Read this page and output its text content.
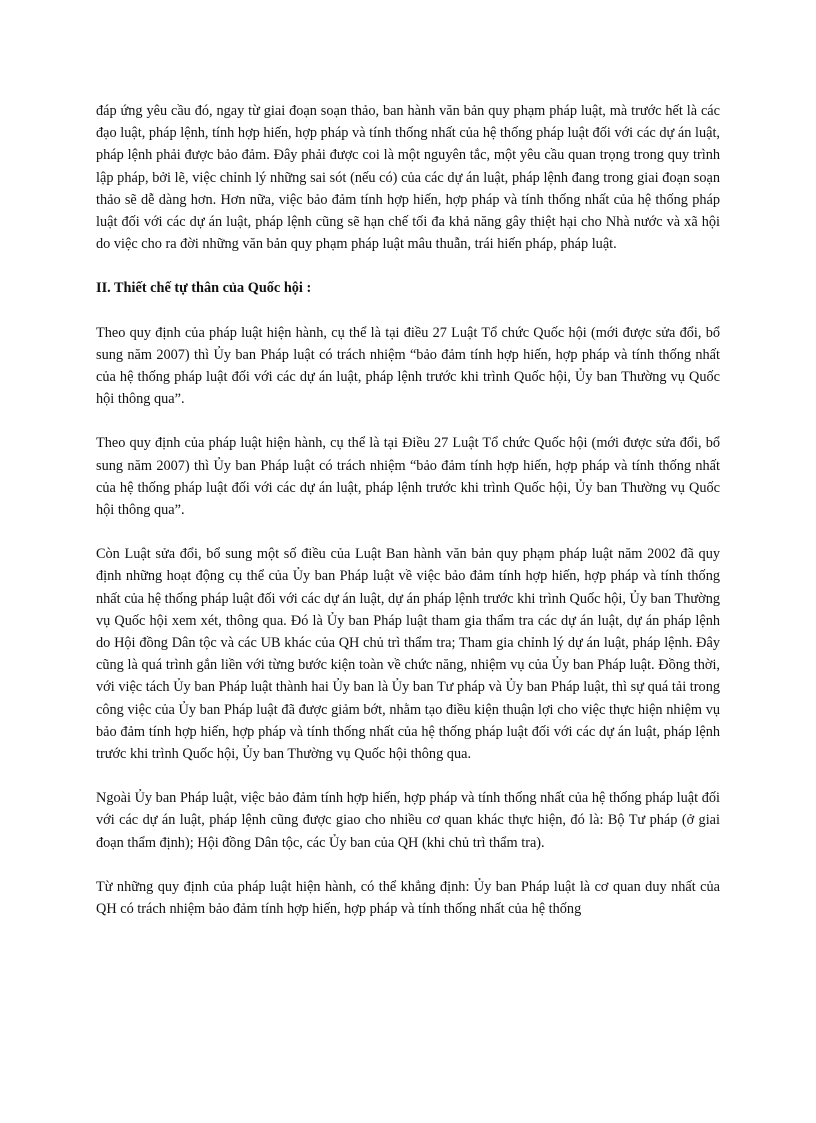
đáp ứng yêu cầu đó, ngay từ giai đoạn soạn thảo, ban hành văn bản quy phạm pháp luật, mà trước hết là các đạo luật, pháp lệnh, tính hợp hiến, hợp pháp và tính thống nhất của hệ thống pháp luật đối với các dự án luật, pháp lệnh phải được bảo đảm. Đây phải được coi là một nguyên tắc, một yêu cầu quan trọng trong quy trình lập pháp, bởi lẽ, việc chỉnh lý những sai sót (nếu có) của các dự án luật, pháp lệnh đang trong giai đoạn soạn thảo sẽ dễ dàng hơn. Hơn nữa, việc bảo đảm tính hợp hiến, hợp pháp và tính thống nhất của hệ thống pháp luật đối với các dự án luật, pháp lệnh cũng sẽ hạn chế tối đa khả năng gây thiệt hại cho Nhà nước và xã hội do việc cho ra đời những văn bản quy phạm pháp luật mâu thuẫn, trái hiến pháp, pháp luật.

II. Thiết chế tự thân của Quốc hội :

Theo quy định của pháp luật hiện hành, cụ thể là tại điều 27 Luật Tổ chức Quốc hội (mới được sửa đổi, bổ sung năm 2007) thì Ủy ban Pháp luật có trách nhiệm “bảo đảm tính hợp hiến, hợp pháp và tính thống nhất của hệ thống pháp luật đối với các dự án luật, pháp lệnh trước khi trình Quốc hội, Ủy ban Thường vụ Quốc hội thông qua”.

Theo quy định của pháp luật hiện hành, cụ thể là tại Điều 27 Luật Tổ chức Quốc hội (mới được sửa đổi, bổ sung năm 2007) thì Ủy ban Pháp luật có trách nhiệm “bảo đảm tính hợp hiến, hợp pháp và tính thống nhất của hệ thống pháp luật đối với các dự án luật, pháp lệnh trước khi trình Quốc hội, Ủy ban Thường vụ Quốc hội thông qua”.

Còn Luật sửa đổi, bổ sung một số điều của Luật Ban hành văn bản quy phạm pháp luật năm 2002 đã quy định những hoạt động cụ thể của Ủy ban Pháp luật về việc bảo đảm tính hợp hiến, hợp pháp và tính thống nhất của hệ thống pháp luật đối với các dự án luật, dự án pháp lệnh trước khi trình Quốc hội, Ủy ban Thường vụ Quốc hội xem xét, thông qua. Đó là Ủy ban Pháp luật tham gia thẩm tra các dự án luật, dự án pháp lệnh do Hội đồng Dân tộc và các UB khác của QH chủ trì thẩm tra; Tham gia chỉnh lý dự án luật, pháp lệnh. Đây cũng là quá trình gắn liền với từng bước kiện toàn về chức năng, nhiệm vụ của Ủy ban Pháp luật. Đồng thời, với việc tách Ủy ban Pháp luật thành hai Ủy ban là Ủy ban Tư pháp và Ủy ban Pháp luật, thì sự quá tải trong công việc của Ủy ban Pháp luật đã được giảm bớt, nhằm tạo điều kiện thuận lợi cho việc thực hiện nhiệm vụ bảo đảm tính hợp hiến, hợp pháp và tính thống nhất của hệ thống pháp luật đối với các dự án luật, pháp lệnh trước khi trình Quốc hội, Ủy ban Thường vụ Quốc hội thông qua.

Ngoài Ủy ban Pháp luật, việc bảo đảm tính hợp hiến, hợp pháp và tính thống nhất của hệ thống pháp luật đối với các dự án luật, pháp lệnh cũng được giao cho nhiều cơ quan khác thực hiện, đó là: Bộ Tư pháp (ở giai đoạn thẩm định); Hội đồng Dân tộc, các Ủy ban của QH (khi chủ trì thẩm tra).

Từ những quy định của pháp luật hiện hành, có thể khẳng định: Ủy ban Pháp luật là cơ quan duy nhất của QH có trách nhiệm bảo đảm tính hợp hiến, hợp pháp và tính thống nhất của hệ thống
